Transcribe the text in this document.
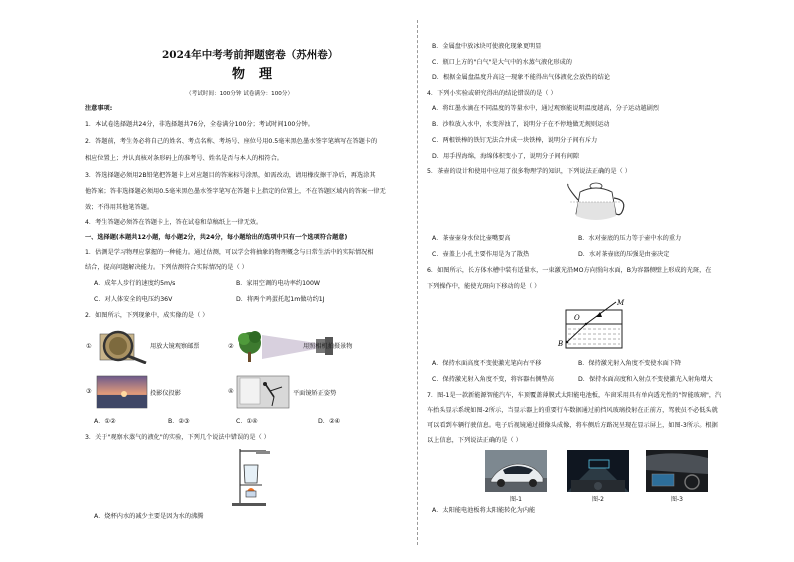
2024年中考考前押题密卷（苏州卷）
物理
（考试时间：100分钟 试卷满分：100分）
注意事项:
1．本试卷选择题共24分，非选择题共76分，全卷满分100分；考试时间100分钟。
2．答题前，考生务必将自己的姓名、考点名称、考场号、座位号用0.5毫米黑色墨水签字笔填写在答题卡的
相应位置上；并认真核对条形码上的准考号、姓名是否与本人的相符合。
3．答选择题必须用2B铅笔把答题卡上对应题目的答案标号涂黑，如需改动，请用橡皮擦干净后，再选涂其
他答案；答非选择题必须用0.5毫米黑色墨水签字笔写在答题卡上指定的位置上，不在答题区域内的答案一律无
效；不得用其他笔答题。
4．考生答题必须答在答题卡上，答在试卷和草稿纸上一律无效。
一、选择题(本题共12小题，每小题2分，共24分，每小题给出的选项中只有一个选项符合题意)
1．估测是学习物理应掌握的一种能力。通过估测，可以学会将抽象的物理概念与日常生活中的实际情况相
结合，提高问题解决能力。下列估测符合实际情况的是（ ）
A．成年人步行的速度约5m/s	B．家用空调的电功率约100W
C．对人体安全的电压约36V	D．将两个鸡蛋托起1m做功约1J
2．如图所示，下列现象中，成实像的是（ ）
①	用放大镜观察邮票	②	用照相机拍摄景物
③	投影仪投影	④	平面镜矫正姿势
A．①②	B．②③	C．①④	D．②④
3．关于"观察水蒸气的液化"的实验，下列几个说法中错误的是（ ）
A．烧杯内水的减少主要是因为水的沸腾
B．金属盘中放冰块可使液化现象更明显
C．瓶口上方的"白气"是大气中的水蒸气液化形成的
D．根据金属盘温度升高这一现象不能得出气体液化会放热的结论
4．下列小实验或研究得出的结论错误的是（ ）
A．将红墨水滴在不同温度的等量水中，通过观察能说明温度越高，分子运动越剧烈
B．沙粒放入水中，水变浑浊了，说明分子在不停地做无规则运动
C．两根铁棒的铁钉无法合并成一块铁棒，说明分子间有斥力
D．用手捏海绵，海绵体积变小了，说明分子间有间隙
5．茶壶的设计和使用中应用了很多物理学的知识，下列说法正确的是（ ）
A．茶壶壶身水位比壶嘴要高	B．水对壶底的压力等于壶中水的重力
C．壶盖上小孔主要作用是为了散热	D．水对茶壶底的压强是由壶决定
6．如图所示，长方体水槽中装有适量水，一束激光沿MO方向照向水面，B为容器侧壁上形成的光斑，在
下列操作中，能使光斑向下移动的是（ ）
M
O
B
A．保持水面高度不变使激光笔向右平移	B．保持激光射入角度不变使水面下降
C．保持激光射入角度不变，将容器右侧垫高	D．保持水面高度和入射点不变使激光入射角增大
7．图-1是一款新能源智能汽车，车顶覆盖薄膜式太阳能电池板，车窗采用具有单向透光性的"智能玻璃"，汽
车抬头显示系统如图-2所示，当显示器上的重要行车数据通过前挡风玻璃投射在正前方，驾驶员不必低头就
可以看到车辆行驶信息。电子后视镜通过摄像头成像，将车侧后方路况呈现在显示屏上，如图-3所示。根据
以上信息，下列说法正确的是（ ）
图-1	图-2	图-3
A．太阳能电池板将太阳能转化为内能
